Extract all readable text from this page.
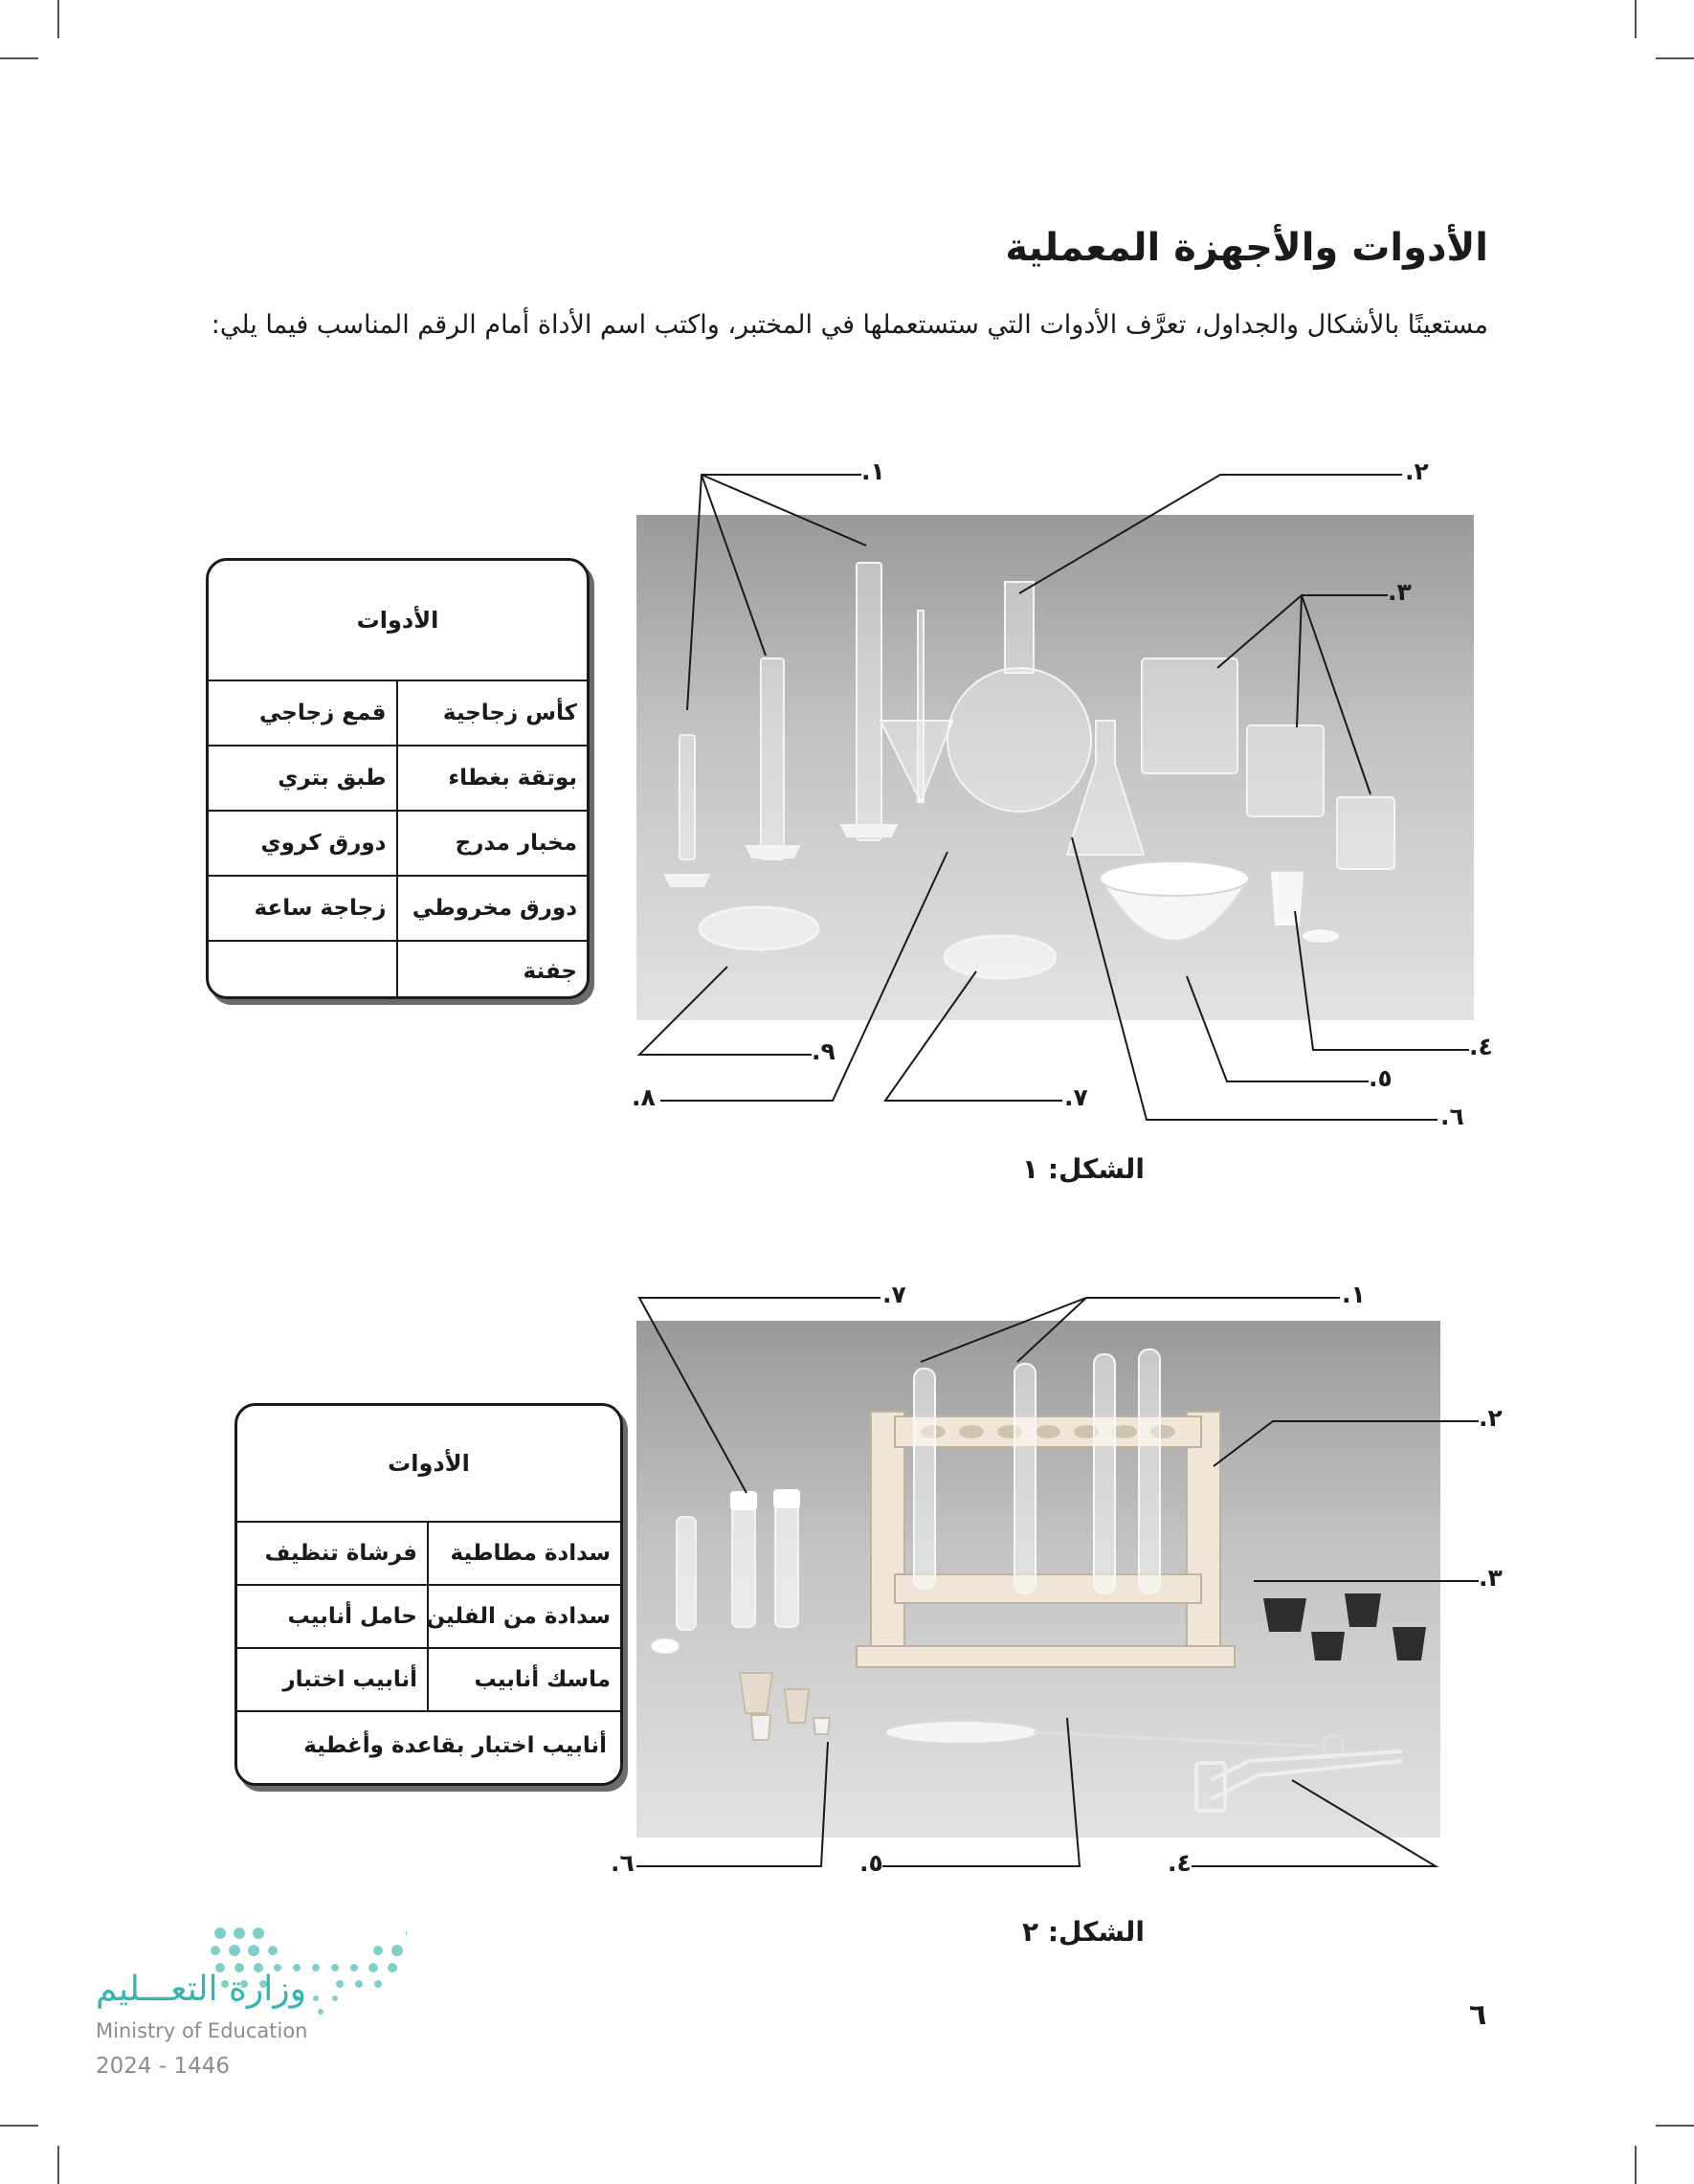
الأدوات والأجهزة المعملية
مستعينًا بالأشكال والجداول، تعرَّف الأدوات التي ستستعملها في المختبر، واكتب اسم الأداة أمام الرقم المناسب فيما يلي:
١.	٢.
٣.
٤.
٥.
٦.
٧.
٨.
٩.
الشكل: ١
الأدوات
كأس زجاجية
قمع زجاجي
بوتقة بغطاء
طبق بتري
مخبار مدرج
دورق كروي
دورق مخروطي
زجاجة ساعة
جفنة
١.
٢.
٣.
٤.
٥.
٦.
٧.
الشكل: ٢
الأدوات
سدادة مطاطية
فرشاة تنظيف
سدادة من الفلين
حامل أنابيب
ماسك أنابيب
أنابيب اختبار
أنابيب اختبار بقاعدة وأغطية
وزارة التعـــليم
Ministry of Education
2024 - 1446
٦
